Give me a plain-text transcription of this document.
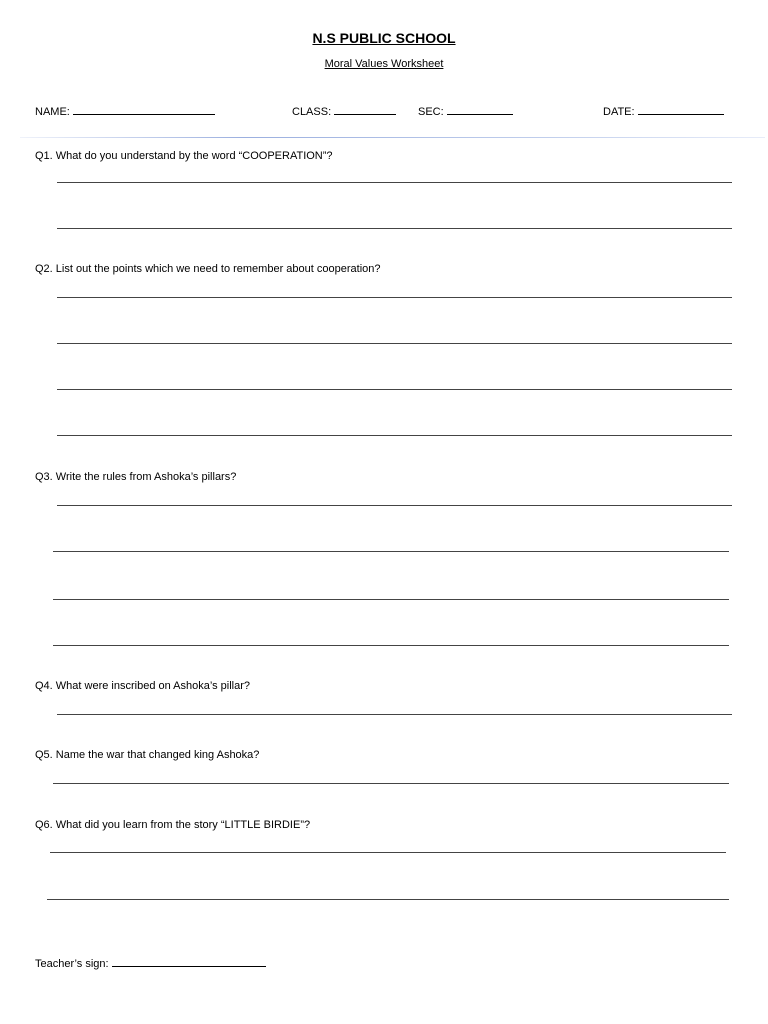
N.S PUBLIC SCHOOL
Moral Values Worksheet
NAME:	CLASS:	SEC:	DATE:
Q1. What do you understand by the word “COOPERATION”?
Q2. List out the points which we need to remember about cooperation?
Q3. Write the rules from Ashoka’s pillars?
Q4. What were inscribed on Ashoka’s pillar?
Q5. Name the war that changed king Ashoka?
Q6. What did you learn from the story “LITTLE BIRDIE”?
Teacher’s sign:
